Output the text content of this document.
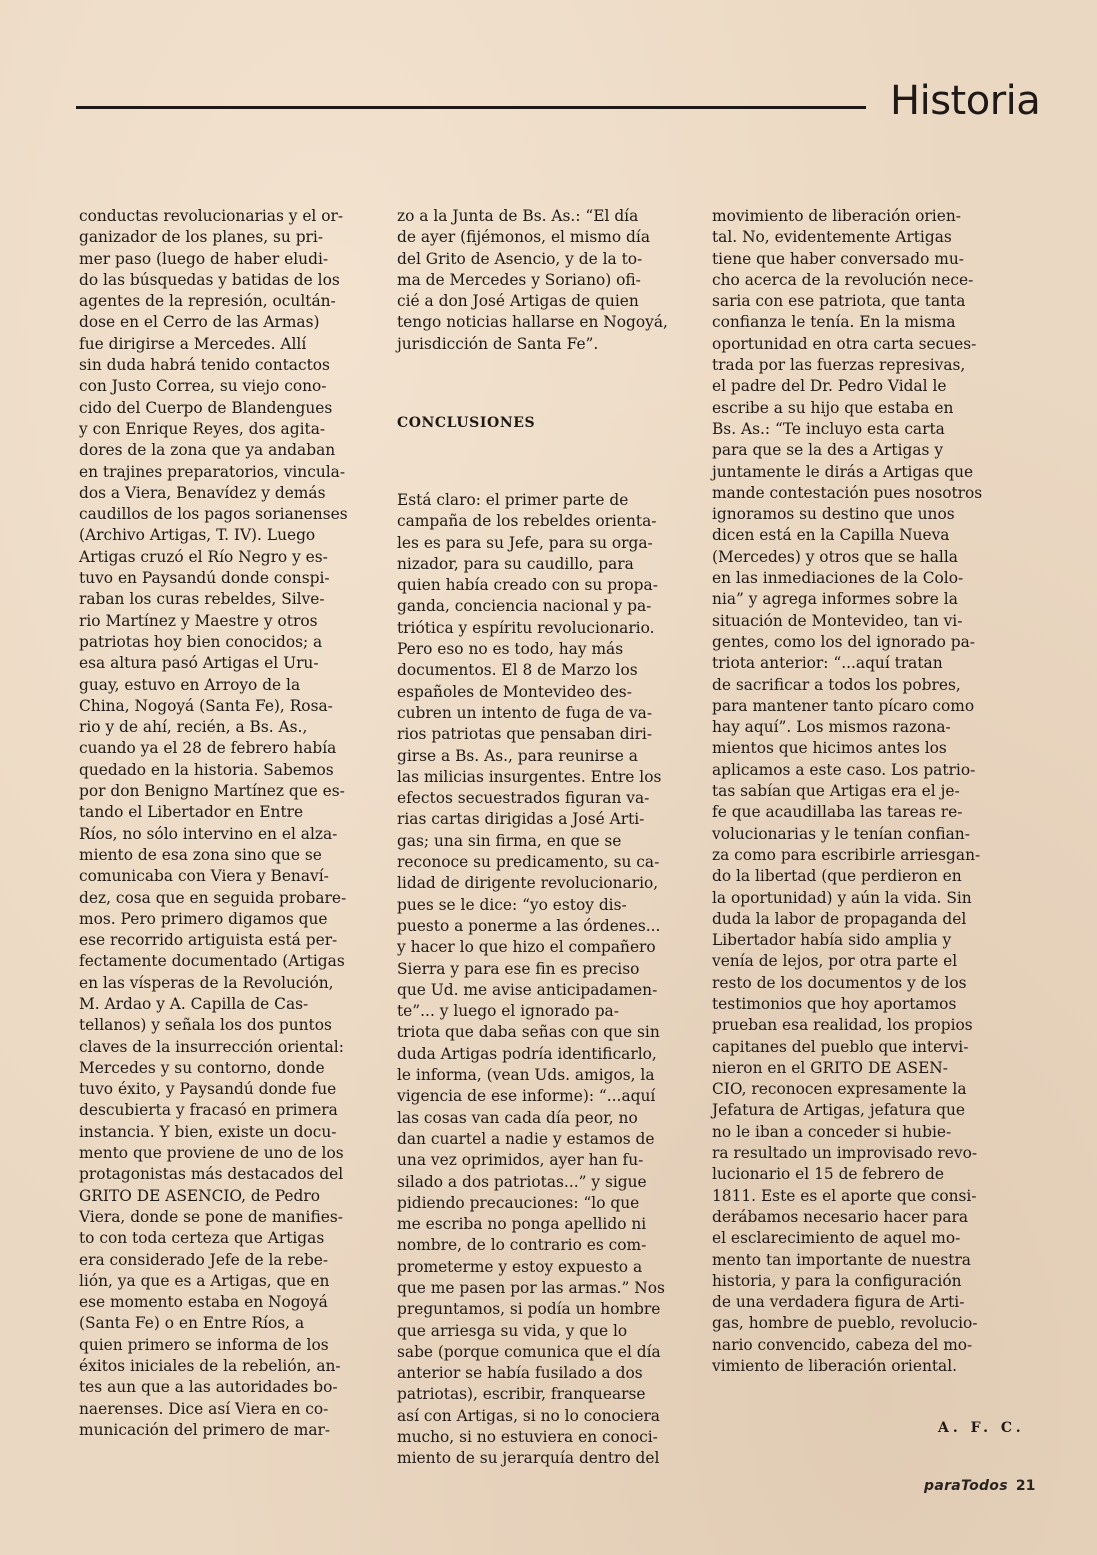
Historia
conductas revolucionarias y el or-
ganizador de los planes, su pri-
mer paso (luego de haber eludi-
do las búsquedas y batidas de los
agentes de la represión, ocultán-
dose en el Cerro de las Armas)
fue dirigirse a Mercedes. Allí
sin duda habrá tenido contactos
con Justo Correa, su viejo cono-
cido del Cuerpo de Blandengues
y con Enrique Reyes, dos agita-
dores de la zona que ya andaban
en trajines preparatorios, vincula-
dos a Viera, Benavídez y demás
caudillos de los pagos sorianenses
(Archivo Artigas, T. IV). Luego
Artigas cruzó el Río Negro y es-
tuvo en Paysandú donde conspi-
raban los curas rebeldes, Silve-
rio Martínez y Maestre y otros
patriotas hoy bien conocidos; a
esa altura pasó Artigas el Uru-
guay, estuvo en Arroyo de la
China, Nogoyá (Santa Fe), Rosa-
rio y de ahí, recién, a Bs. As.,
cuando ya el 28 de febrero había
quedado en la historia. Sabemos
por don Benigno Martínez que es-
tando el Libertador en Entre
Ríos, no sólo intervino en el alza-
miento de esa zona sino que se
comunicaba con Viera y Benaví-
dez, cosa que en seguida probare-
mos. Pero primero digamos que
ese recorrido artiguista está per-
fectamente documentado (Artigas
en las vísperas de la Revolución,
M. Ardao y A. Capilla de Cas-
tellanos) y señala los dos puntos
claves de la insurrección oriental:
Mercedes y su contorno, donde
tuvo éxito, y Paysandú donde fue
descubierta y fracasó en primera
instancia. Y bien, existe un docu-
mento que proviene de uno de los
protagonistas más destacados del
GRITO DE ASENCIO, de Pedro
Viera, donde se pone de manifies-
to con toda certeza que Artigas
era considerado Jefe de la rebe-
lión, ya que es a Artigas, que en
ese momento estaba en Nogoyá
(Santa Fe) o en Entre Ríos, a
quien primero se informa de los
éxitos iniciales de la rebelión, an-
tes aun que a las autoridades bo-
naerenses. Dice así Viera en co-
municación del primero de mar-
zo a la Junta de Bs. As.: “El día
de ayer (fijémonos, el mismo día
del Grito de Asencio, y de la to-
ma de Mercedes y Soriano) ofi-
cié a don José Artigas de quien
tengo noticias hallarse en Nogoyá,
jurisdicción de Santa Fe”.
CONCLUSIONES
Está claro: el primer parte de
campaña de los rebeldes orienta-
les es para su Jefe, para su orga-
nizador, para su caudillo, para
quien había creado con su propa-
ganda, conciencia nacional y pa-
triótica y espíritu revolucionario.
Pero eso no es todo, hay más
documentos. El 8 de Marzo los
españoles de Montevideo des-
cubren un intento de fuga de va-
rios patriotas que pensaban diri-
girse a Bs. As., para reunirse a
las milicias insurgentes. Entre los
efectos secuestrados figuran va-
rias cartas dirigidas a José Arti-
gas; una sin firma, en que se
reconoce su predicamento, su ca-
lidad de dirigente revolucionario,
pues se le dice: “yo estoy dis-
puesto a ponerme a las órdenes...
y hacer lo que hizo el compañero
Sierra y para ese fin es preciso
que Ud. me avise anticipadamen-
te”... y luego el ignorado pa-
triota que daba señas con que sin
duda Artigas podría identificarlo,
le informa, (vean Uds. amigos, la
vigencia de ese informe): “...aquí
las cosas van cada día peor, no
dan cuartel a nadie y estamos de
una vez oprimidos, ayer han fu-
silado a dos patriotas...” y sigue
pidiendo precauciones: “lo que
me escriba no ponga apellido ni
nombre, de lo contrario es com-
prometerme y estoy expuesto a
que me pasen por las armas.” Nos
preguntamos, si podía un hombre
que arriesga su vida, y que lo
sabe (porque comunica que el día
anterior se había fusilado a dos
patriotas), escribir, franquearse
así con Artigas, si no lo conociera
mucho, si no estuviera en conoci-
miento de su jerarquía dentro del
movimiento de liberación orien-
tal. No, evidentemente Artigas
tiene que haber conversado mu-
cho acerca de la revolución nece-
saria con ese patriota, que tanta
confianza le tenía. En la misma
oportunidad en otra carta secues-
trada por las fuerzas represivas,
el padre del Dr. Pedro Vidal le
escribe a su hijo que estaba en
Bs. As.: “Te incluyo esta carta
para que se la des a Artigas y
juntamente le dirás a Artigas que
mande contestación pues nosotros
ignoramos su destino que unos
dicen está en la Capilla Nueva
(Mercedes) y otros que se halla
en las inmediaciones de la Colo-
nia” y agrega informes sobre la
situación de Montevideo, tan vi-
gentes, como los del ignorado pa-
triota anterior: “...aquí tratan
de sacrificar a todos los pobres,
para mantener tanto pícaro como
hay aquí”. Los mismos razona-
mientos que hicimos antes los
aplicamos a este caso. Los patrio-
tas sabían que Artigas era el je-
fe que acaudillaba las tareas re-
volucionarias y le tenían confian-
za como para escribirle arriesgan-
do la libertad (que perdieron en
la oportunidad) y aún la vida. Sin
duda la labor de propaganda del
Libertador había sido amplia y
venía de lejos, por otra parte el
resto de los documentos y de los
testimonios que hoy aportamos
prueban esa realidad, los propios
capitanes del pueblo que intervi-
nieron en el GRITO DE ASEN-
CIO, reconocen expresamente la
Jefatura de Artigas, jefatura que
no le iban a conceder si hubie-
ra resultado un improvisado revo-
lucionario el 15 de febrero de
1811. Este es el aporte que consi-
derábamos necesario hacer para
el esclarecimiento de aquel mo-
mento tan importante de nuestra
historia, y para la configuración
de una verdadera figura de Arti-
gas, hombre de pueblo, revolucio-
nario convencido, cabeza del mo-
vimiento de liberación oriental.
A. F. C.
paraTodos 21
